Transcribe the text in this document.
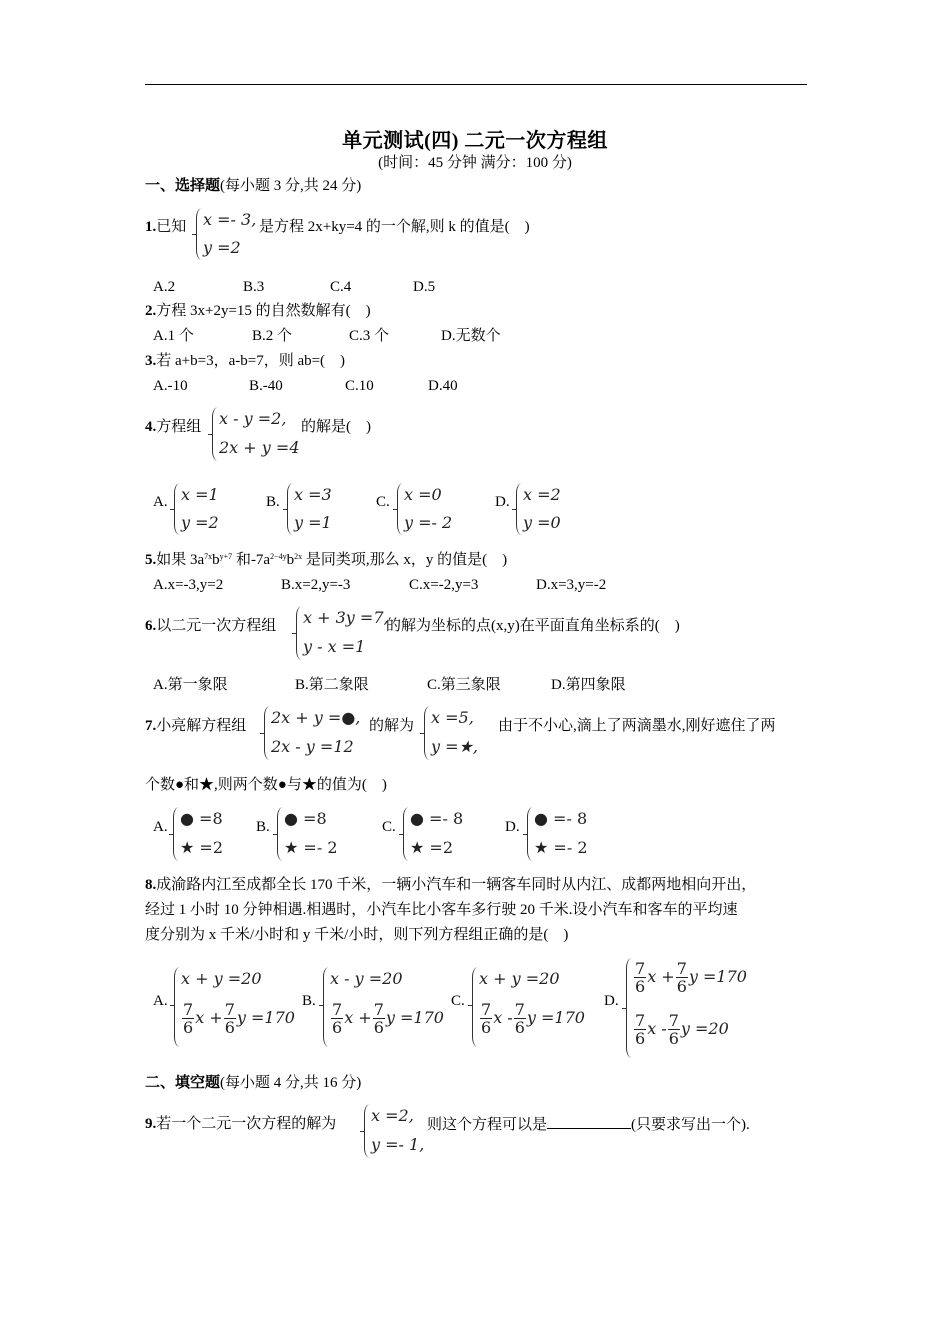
单元测试(四) 二元一次方程组
(时间：45 分钟 满分：100 分)
一、选择题(每小题 3 分,共 24 分)
1.已知 x =- 3,
y =2
是方程 2x+ky=4 的一个解,则 k 的值是(　)
A.2	B.3	C.4	D.5
2.方程 3x+2y=15 的自然数解有(　)
A.1 个	B.2 个	C.3 个	D.无数个
3.若 a+b=3，a-b=7，则 ab=(　)
A.-10	B.-40	C.10	D.40
4.方程组 x - y =2,
2x + y =4
的解是(　)
A. x =1
y =2
B. x =3
y =1
C. x =0
y =- 2
D. x =2
y =0
5.如果 $3a^{7x}b^{y+7}$ 和$-7a^{2-4y}b^{2x}$ 是同类项,那么 x，y 的值是(　)
A.x=-3,y=2	B.x=2,y=-3	C.x=-2,y=3	D.x=3,y=-2
6.以二元一次方程组 x + 3y =7,
y - x =1
的解为坐标的点(x,y)在平面直角坐标系的(　)
A.第一象限	B.第二象限	C.第三象限	D.第四象限
7.小亮解方程组 2x + y =●,
2x - y =12
的解为 x =5,
y =★,
由于不小心,滴上了两滴墨水,刚好遮住了两
个数●和★,则两个数●与★的值为(　)
A. ● =8
★ =2
B. ● =8
★ =- 2
C. ● =- 8
★ =2
D. ● =- 8
★ =- 2
8.成渝路内江至成都全长 170 千米，一辆小汽车和一辆客车同时从内江、成都两地相向开出，
经过 1 小时 10 分钟相遇.相遇时，小汽车比小客车多行驶 20 千米.设小汽车和客车的平均速
度分别为 x 千米/小时和 y 千米/小时，则下列方程组正确的是(　)
A.
x + y =20
$\frac{7}{6}$ $x + \frac{7}{6}$ y =170
B.
x - y =20
$\frac{7}{6}$ $x + \frac{7}{6}$ y =170
C.
x + y =20
$\frac{7}{6}$ x - $\frac{7}{6}$ y =170
D.
$\frac{7}{6}$ $x + \frac{7}{6}$ y =170
$\frac{7}{6}$ x - $\frac{7}{6}$ y =20
二、填空题(每小题 4 分,共 16 分)
9.若一个二元一次方程的解为 x =2,
y =- 1,
则这个方程可以是	(只要求写出一个).
